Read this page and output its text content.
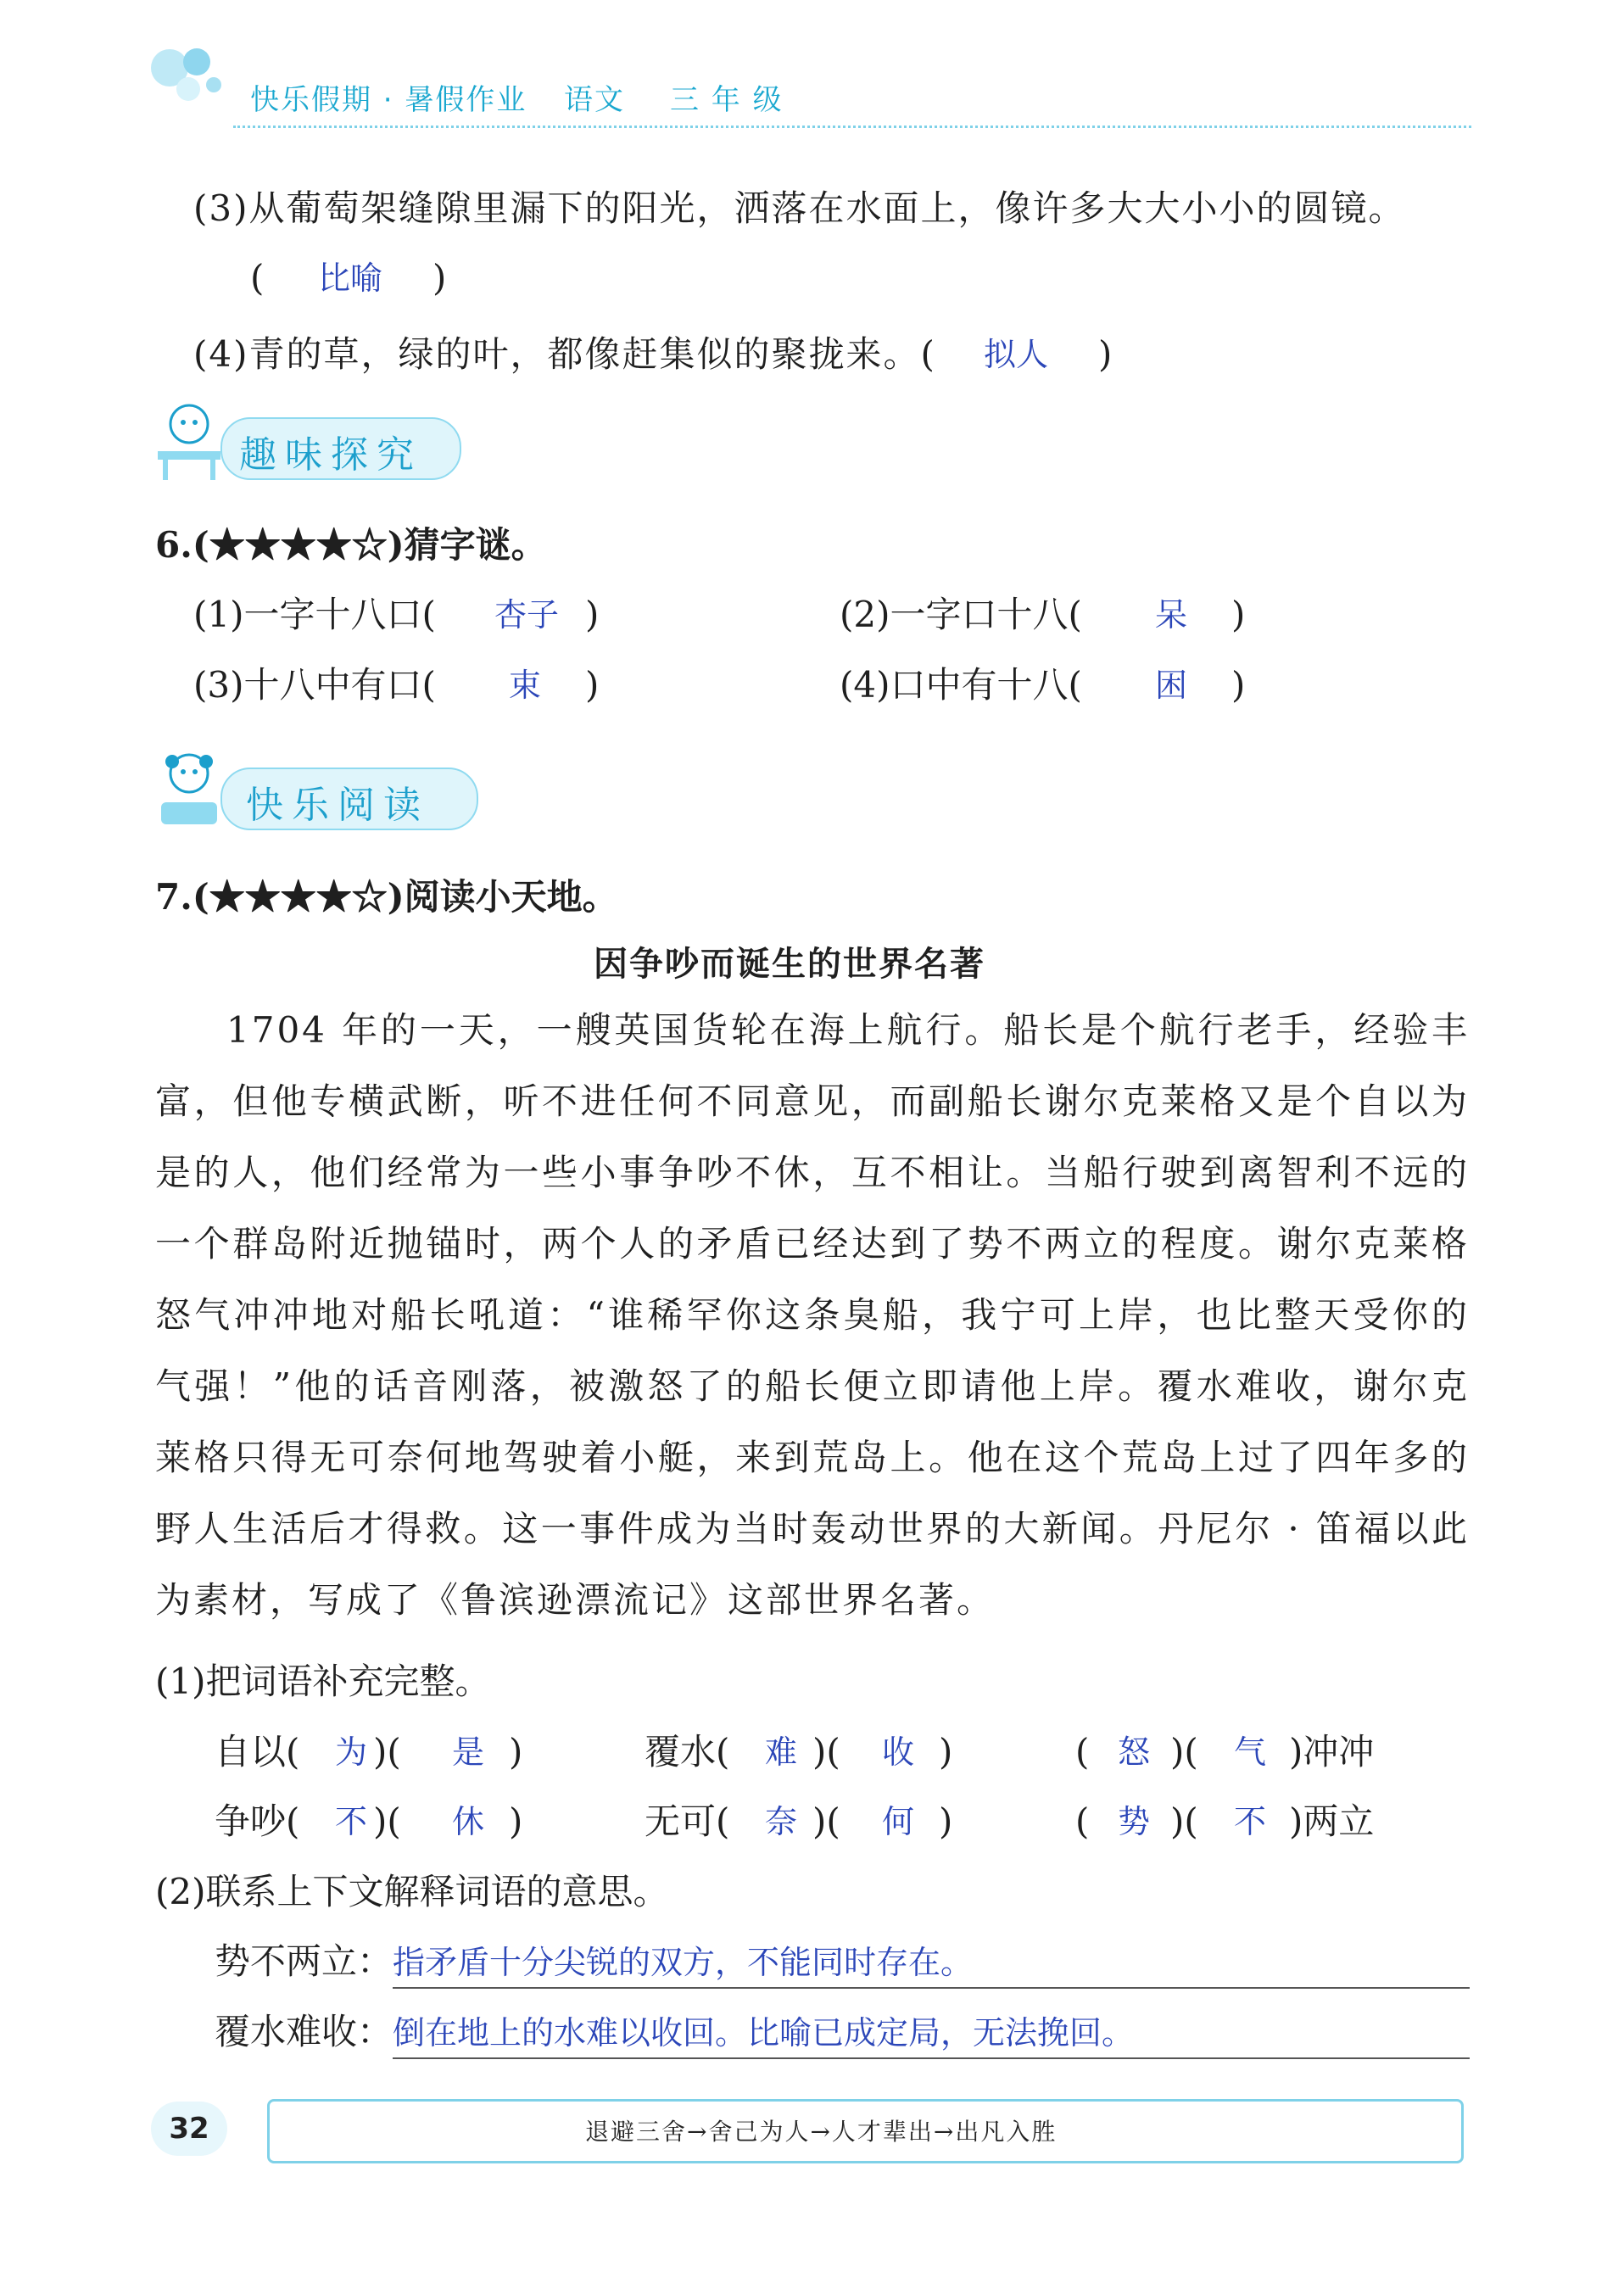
快乐假期 · 暑假作业 语文 三 年 级
(3)从葡萄架缝隙里漏下的阳光，洒落在水面上，像许多大大小小的圆镜。
( 比喻 )
(4)青的草，绿的叶，都像赶集似的聚拢来。( 拟人 )
趣味探究
6.(★★★★☆)猜字谜。
(1)一字十八口( 杏子 )	(2)一字口十八( 呆 )
(3)十八中有口( 束 )	(4)口中有十八( 困 )
快乐阅读
7.(★★★★☆)阅读小天地。
因争吵而诞生的世界名著
1704 年的一天，一艘英国货轮在海上航行。船长是个航行老手，经验丰富，但他专横武断，听不进任何不同意见，而副船长谢尔克莱格又是个自以为是的人，他们经常为一些小事争吵不休，互不相让。当船行驶到离智利不远的一个群岛附近抛锚时，两个人的矛盾已经达到了势不两立的程度。谢尔克莱格怒气冲冲地对船长吼道：“谁稀罕你这条臭船，我宁可上岸，也比整天受你的气强！”他的话音刚落，被激怒了的船长便立即请他上岸。覆水难收，谢尔克莱格只得无可奈何地驾驶着小艇，来到荒岛上。他在这个荒岛上过了四年多的野人生活后才得救。这一事件成为当时轰动世界的大新闻。丹尼尔 · 笛福以此为素材，写成了《鲁滨逊漂流记》这部世界名著。
(1)把词语补充完整。
自以( 为 )( 是 )	覆水( 难 )( 收 )	( 怒 )( 气 )冲冲
争吵( 不 )( 休 )	无可( 奈 )( 何 )	( 势 )( 不 )两立
(2)联系上下文解释词语的意思。
势不两立： 指矛盾十分尖锐的双方，不能同时存在。
覆水难收： 倒在地上的水难以收回。比喻已成定局，无法挽回。
32	退避三舍→舍己为人→人才辈出→出凡入胜
